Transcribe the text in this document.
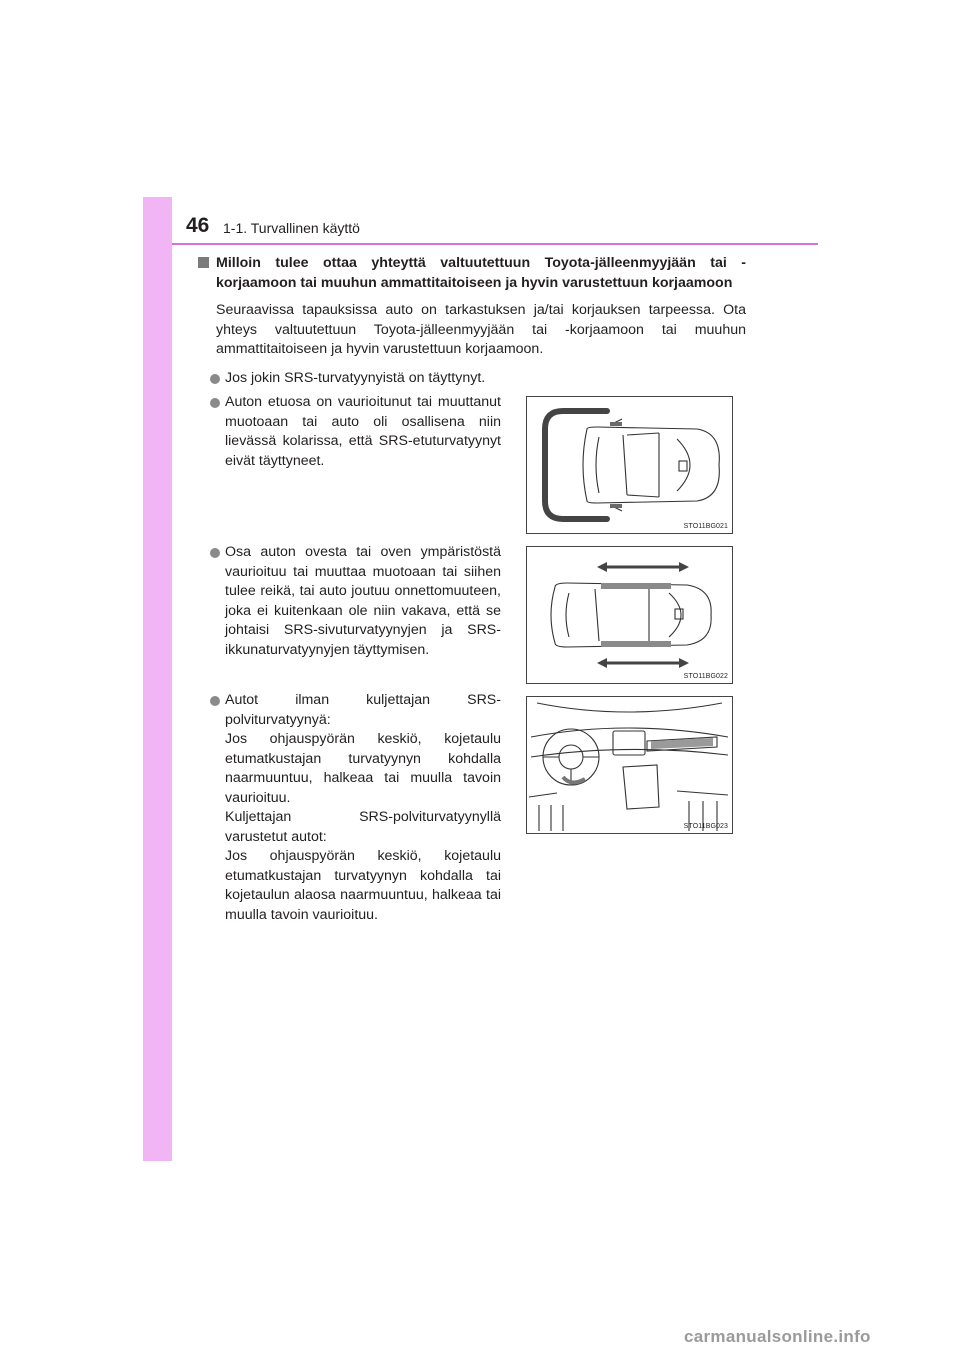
46 1-1. Turvallinen käyttö
Milloin tulee ottaa yhteyttä valtuutettuun Toyota-jälleenmyyjään tai -korjaamoon tai muuhun ammattitaitoiseen ja hyvin varustettuun korjaamoon
Seuraavissa tapauksissa auto on tarkastuksen ja/tai korjauksen tarpeessa. Ota yhteys valtuutettuun Toyota-jälleenmyyjään tai -korjaamoon tai muuhun ammattitaitoiseen ja hyvin varustettuun korjaamoon.
Jos jokin SRS-turvatyynyistä on täyttynyt.
Auton etuosa on vaurioitunut tai muuttanut muotoaan tai auto oli osallisena niin lievässä kolarissa, että SRS-etuturvatyynyt eivät täyttyneet.
STO11BG021
Osa auton ovesta tai oven ympäristöstä vaurioituu tai muuttaa muotoaan tai siihen tulee reikä, tai auto joutuu onnettomuuteen, joka ei kuitenkaan ole niin vakava, että se johtaisi SRS-sivuturvatyynyjen ja SRS-ikkunaturvatyynyjen täyttymisen.
STO11BG022
Autot ilman kuljettajan SRS-polviturvatyynyä:
Jos ohjauspyörän keskiö, kojetaulu etumatkustajan turvatyynyn kohdalla naarmuuntuu, halkeaa tai muulla tavoin vaurioituu.
Kuljettajan SRS-polviturvatyynyllä varustetut autot:
Jos ohjauspyörän keskiö, kojetaulu etumatkustajan turvatyynyn kohdalla tai kojetaulun alaosa naarmuuntuu, halkeaa tai muulla tavoin vaurioituu.
STO11BG023
carmanualsonline.info
